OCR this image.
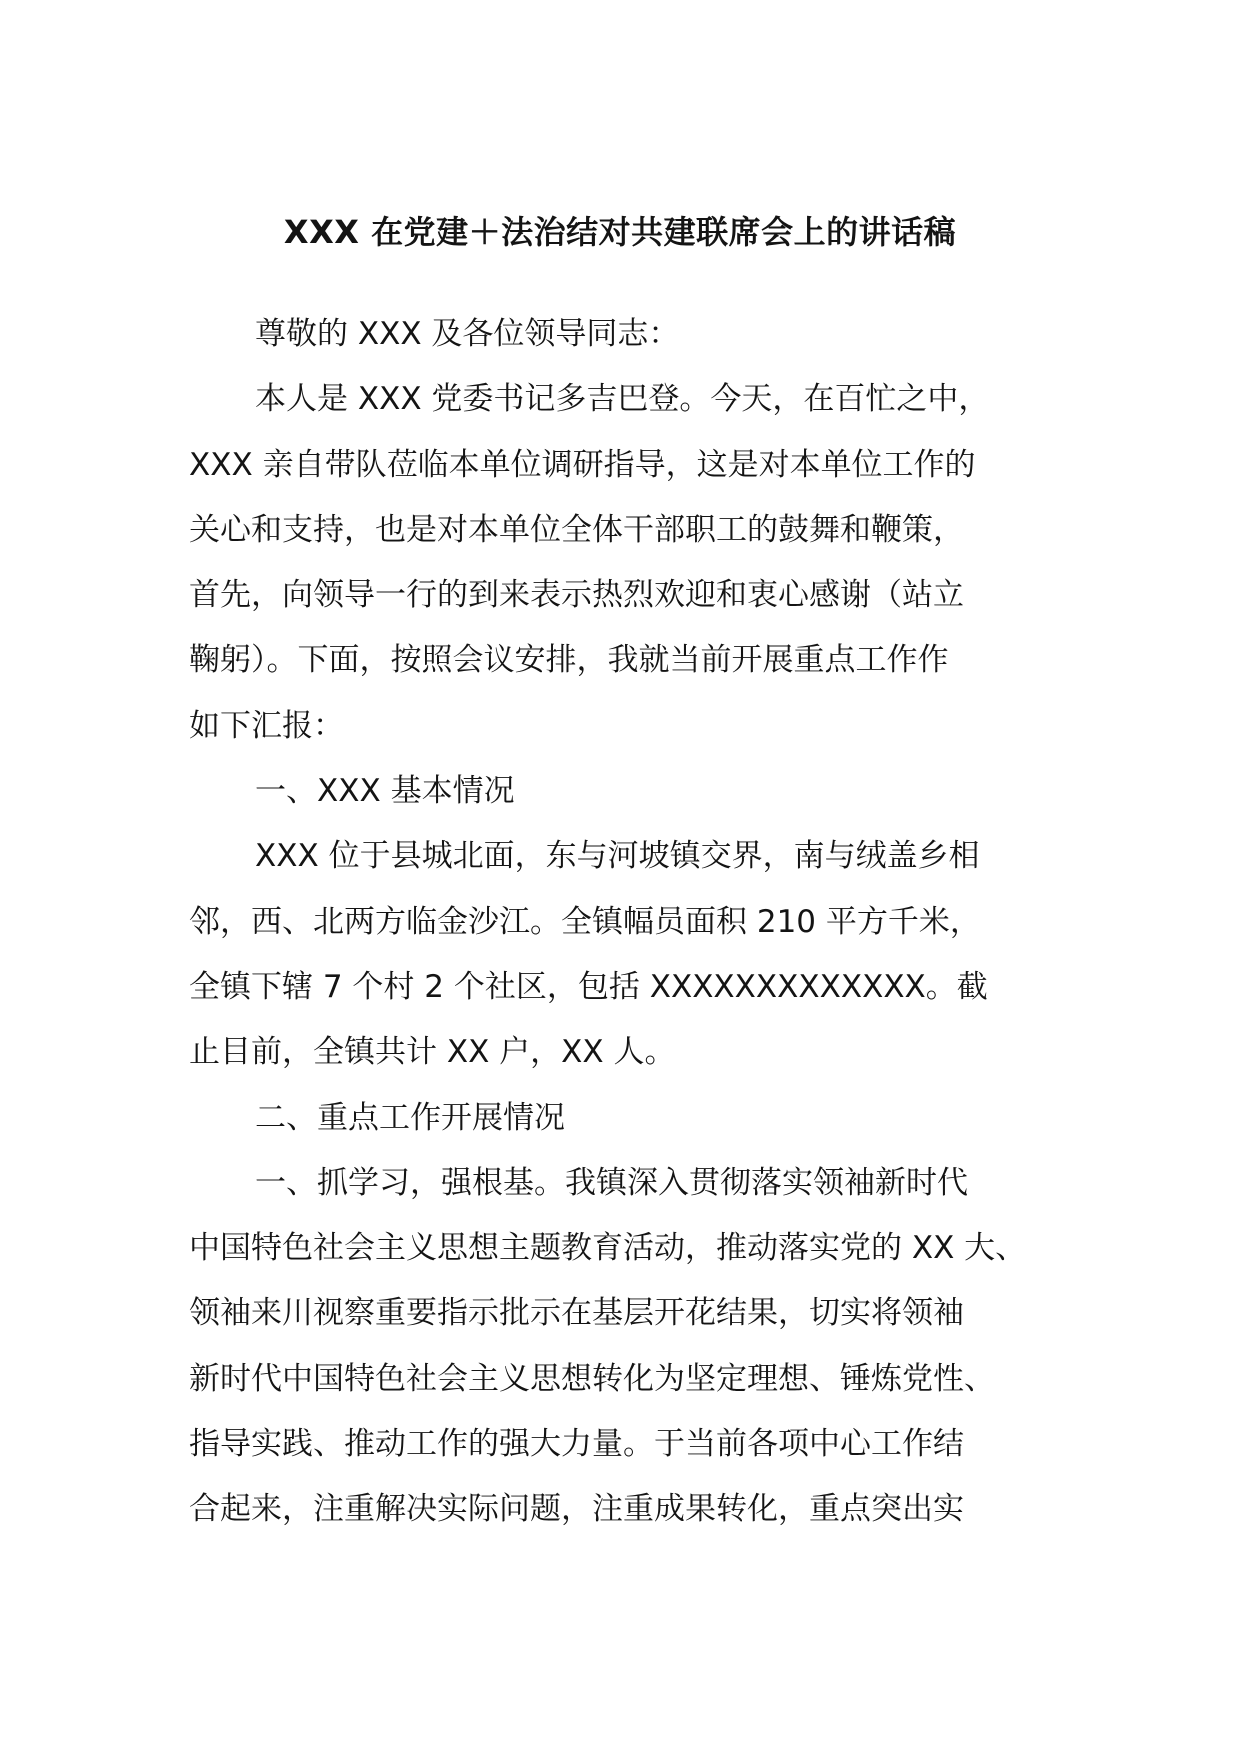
XXX 在党建＋法治结对共建联席会上的讲话稿
尊敬的 XXX 及各位领导同志：
本人是 XXX 党委书记多吉巴登。今天，在百忙之中，
XXX 亲自带队莅临本单位调研指导，这是对本单位工作的
关心和支持，也是对本单位全体干部职工的鼓舞和鞭策，
首先，向领导一行的到来表示热烈欢迎和衷心感谢（站立
鞠躬）。下面，按照会议安排，我就当前开展重点工作作
如下汇报：
一、XXX 基本情况
XXX 位于县城北面，东与河坡镇交界，南与绒盖乡相
邻，西、北两方临金沙江。全镇幅员面积 210 平方千米，
全镇下辖 7 个村 2 个社区，包括 XXXXXXXXXXXXX。截
止目前，全镇共计 XX 户，XX 人。
二、重点工作开展情况
一、抓学习，强根基。我镇深入贯彻落实领袖新时代
中国特色社会主义思想主题教育活动，推动落实党的 XX 大、
领袖来川视察重要指示批示在基层开花结果，切实将领袖
新时代中国特色社会主义思想转化为坚定理想、锤炼党性、
指导实践、推动工作的强大力量。于当前各项中心工作结
合起来，注重解决实际问题，注重成果转化，重点突出实
